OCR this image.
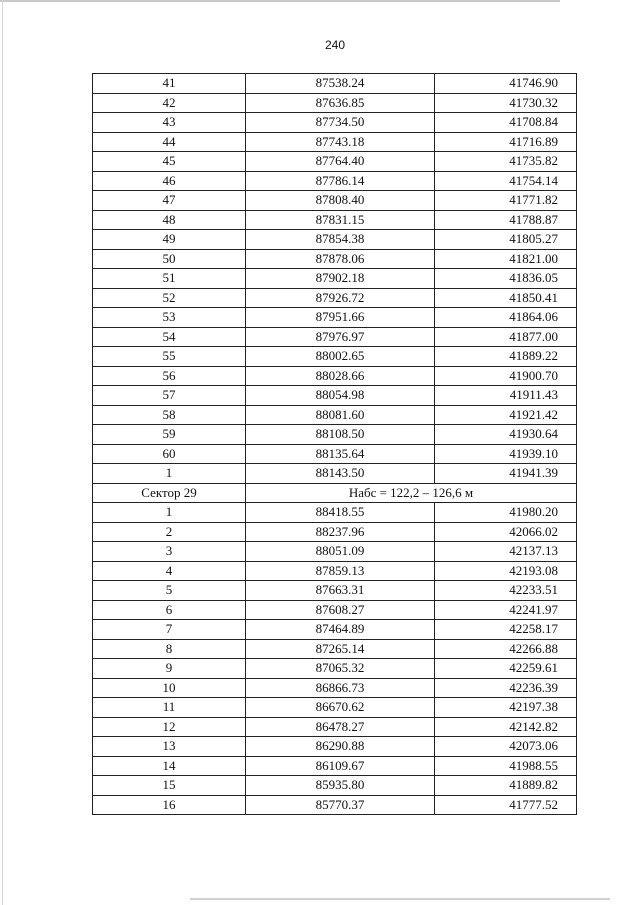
240
41	87538.24	41746.90
42	87636.85	41730.32
43	87734.50	41708.84
44	87743.18	41716.89
45	87764.40	41735.82
46	87786.14	41754.14
47	87808.40	41771.82
48	87831.15	41788.87
49	87854.38	41805.27
50	87878.06	41821.00
51	87902.18	41836.05
52	87926.72	41850.41
53	87951.66	41864.06
54	87976.97	41877.00
55	88002.65	41889.22
56	88028.66	41900.70
57	88054.98	41911.43
58	88081.60	41921.42
59	88108.50	41930.64
60	88135.64	41939.10
1	88143.50	41941.39
Сектор 29	Набс = 122,2 – 126,6 м	
1	88418.55	41980.20
2	88237.96	42066.02
3	88051.09	42137.13
4	87859.13	42193.08
5	87663.31	42233.51
6	87608.27	42241.97
7	87464.89	42258.17
8	87265.14	42266.88
9	87065.32	42259.61
10	86866.73	42236.39
11	86670.62	42197.38
12	86478.27	42142.82
13	86290.88	42073.06
14	86109.67	41988.55
15	85935.80	41889.82
16	85770.37	41777.52
